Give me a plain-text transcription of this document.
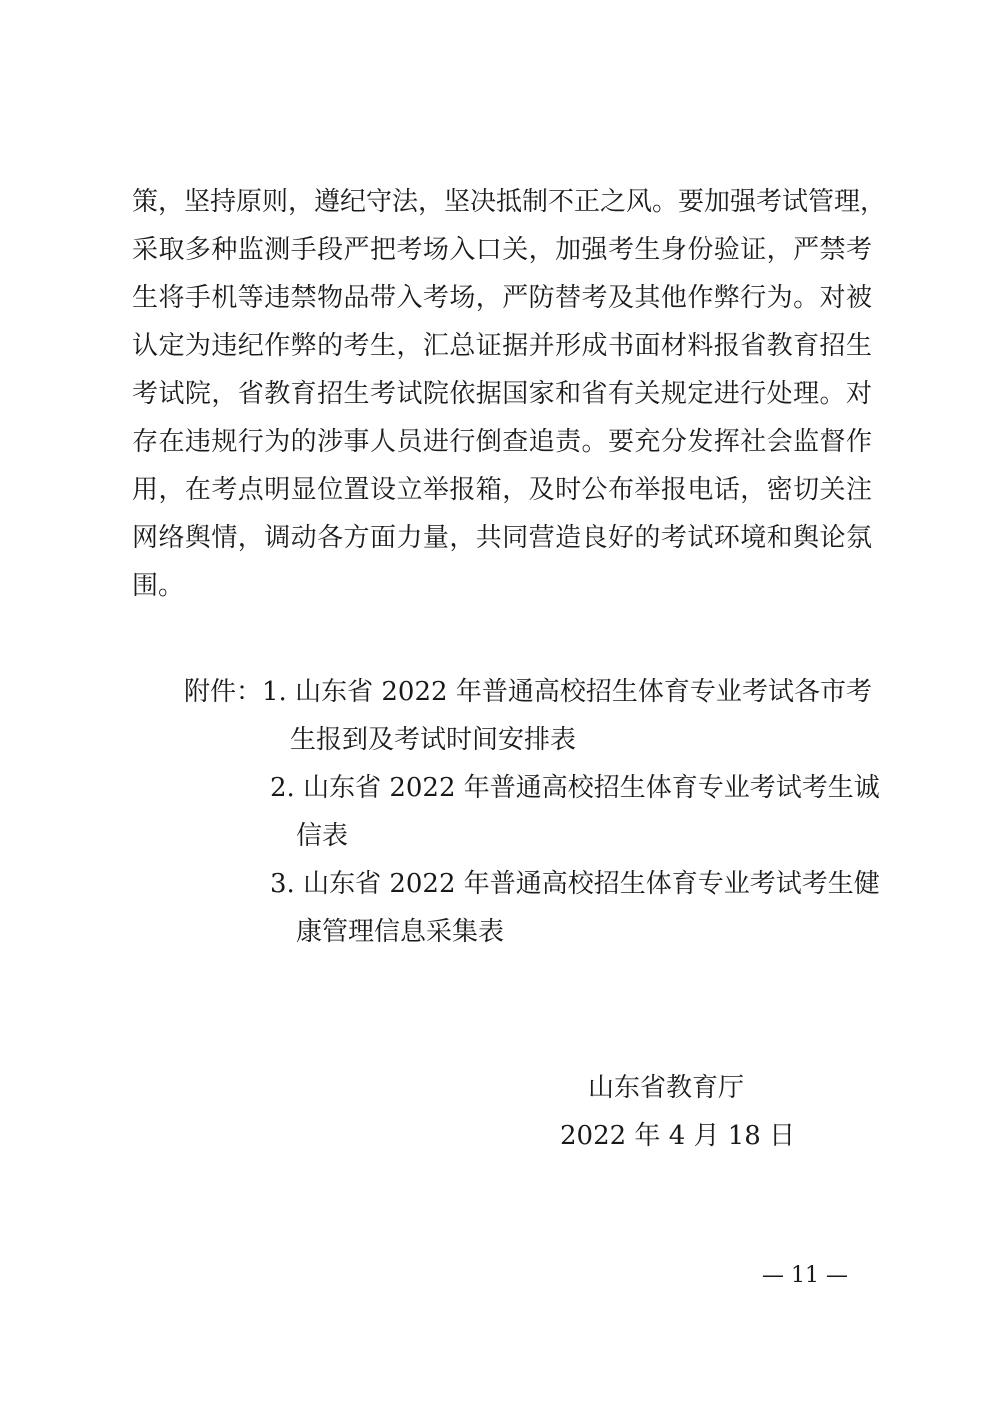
策，坚持原则，遵纪守法，坚决抵制不正之风。要加强考试管理，
采取多种监测手段严把考场入口关，加强考生身份验证，严禁考
生将手机等违禁物品带入考场，严防替考及其他作弊行为。对被
认定为违纪作弊的考生，汇总证据并形成书面材料报省教育招生
考试院，省教育招生考试院依据国家和省有关规定进行处理。对
存在违规行为的涉事人员进行倒查追责。要充分发挥社会监督作
用，在考点明显位置设立举报箱，及时公布举报电话，密切关注
网络舆情，调动各方面力量，共同营造良好的考试环境和舆论氛
围。
附件： 1. 山东省 2022 年普通高校招生体育专业考试各市考
生报到及考试时间安排表
2. 山东省 2022 年普通高校招生体育专业考试考生诚
信表
3. 山东省 2022 年普通高校招生体育专业考试考生健
康管理信息采集表
山东省教育厅
2022 年 4 月 18 日
— 11 —
